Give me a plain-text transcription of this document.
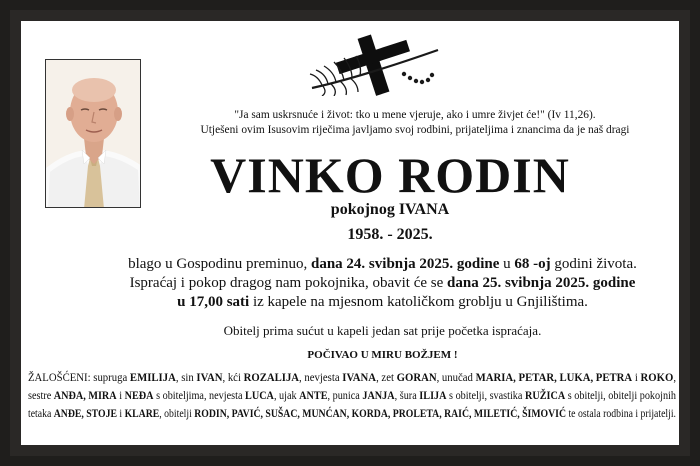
"Ja sam uskrsnuće i život: tko u mene vjeruje, ako i umre živjet će!" (Iv 11,26).
Utješeni ovim Isusovim riječima javljamo svoj rodbini, prijateljima i znancima da je naš dragi
VINKO RODIN
pokojnog IVANA
1958. - 2025.
blago u Gospodinu preminuo, dana 24. svibnja 2025. godine u 68 -oj godini života.
Ispraćaj i pokop dragog nam pokojnika, obavit će se dana 25. svibnja 2025. godine
u 17,00 sati iz kapele na mjesnom katoličkom groblju u Gnjilištima.
Obitelj prima sućut u kapeli jedan sat prije početka ispraćaja.
POČIVAO U MIRU BOŽJEM !
ŽALOŠĆENI: supruga EMILIJA, sin IVAN, kći ROZALIJA, nevjesta IVANA, zet GORAN, unučad MARIA, PETAR, LUKA, PETRA i ROKO,
sestre ANĐA, MIRA i NEĐA s obiteljima, nevjesta LUCA, ujak ANTE, punica JANJA, šura ILIJA s obitelji, svastika RUŽICA s obitelji, obitelji pokojnih
tetaka ANĐE, STOJE i KLARE, obitelji RODIN, PAVIĆ, SUŠAC, MUNĆAN, KORDA, PROLETA, RAIĆ, MILETIĆ, ŠIMOVIĆ te ostala rodbina i prijatelji.
